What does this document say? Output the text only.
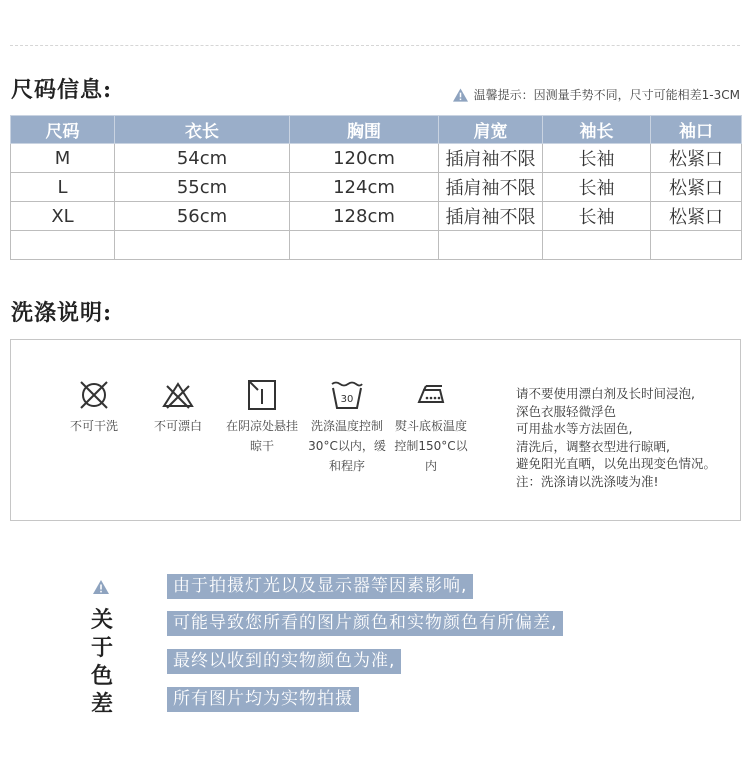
尺码信息:	温馨提示：因测量手势不同，尺寸可能相差1-3CM
尺码	衣长	胸围	肩宽	袖长	袖口
M	54cm	120cm	插肩袖不限	长袖	松紧口
L	55cm	124cm	插肩袖不限	长袖	松紧口
XL	56cm	128cm	插肩袖不限	长袖	松紧口

洗涤说明:
不可干洗	不可漂白	在阴凉处悬挂
晾干
30
洗涤温度控制
30°C以内，缓
和程序
熨斗底板温度
控制150°C以
内
请不要使用漂白剂及长时间浸泡,
深色衣服轻微浮色
可用盐水等方法固色,
清洗后，调整衣型进行晾晒,
避免阳光直晒，以免出现变色情况。
注：洗涤请以洗涤唛为准!
关于色差
由于拍摄灯光以及显示器等因素影响,
可能导致您所看的图片颜色和实物颜色有所偏差,
最终以收到的实物颜色为准,
所有图片均为实物拍摄
